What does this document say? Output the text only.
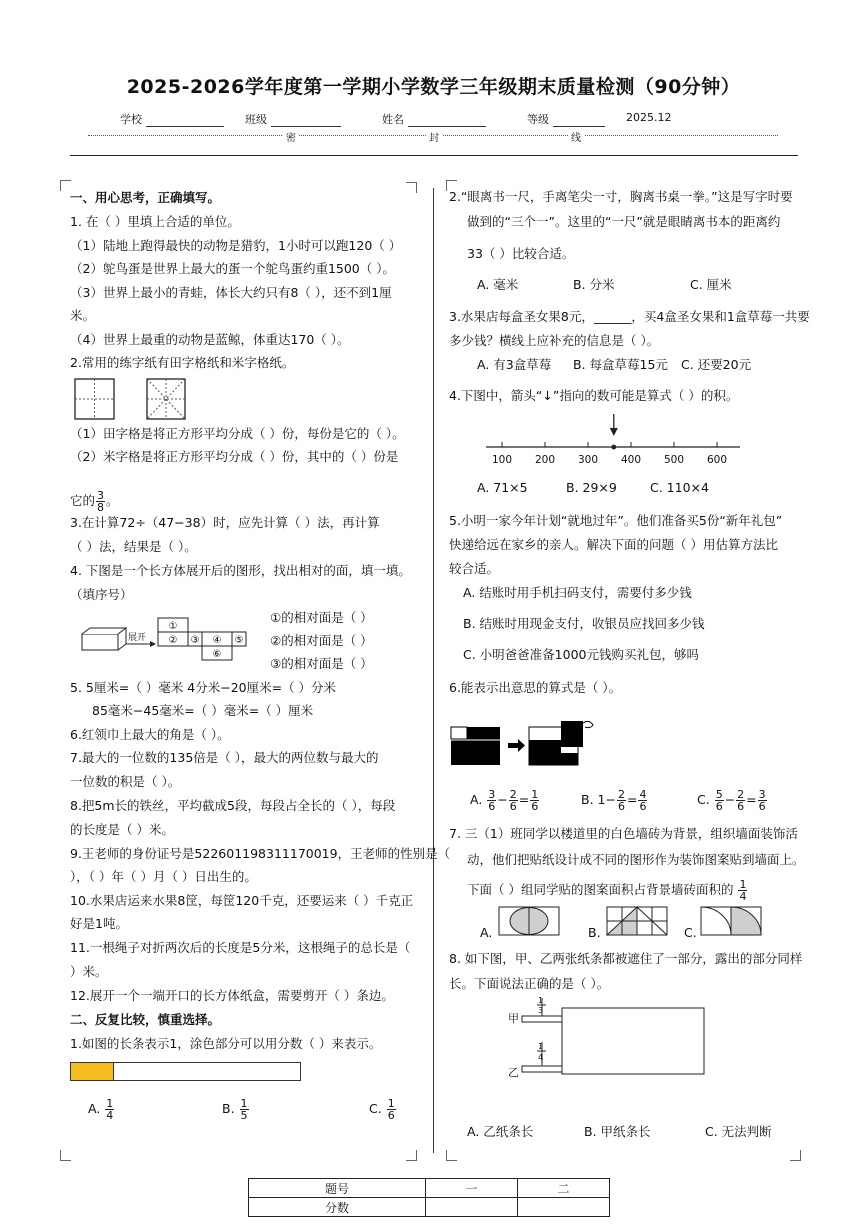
2025-2026学年度第一学期小学数学三年级期末质量检测（90分钟）
学校	班级	姓名	等级	2025.12
密	封	线
一、用心思考，正确填写。
1. 在（ ）里填上合适的单位。
（1）陆地上跑得最快的动物是猎豹，1小时可以跑120（ ）
（2）鸵鸟蛋是世界上最大的蛋一个鸵鸟蛋约重1500（ ）。
（3）世界上最小的青蛙，体长大约只有8（ ），还不到1厘
米。
（4）世界上最重的动物是蓝鲸，体重达170（ ）。
2.常用的练字纸有田字格纸和米字格纸。
（1）田字格是将正方形平均分成（ ）份，每份是它的（ ）。
（2）米字格是将正方形平均分成（ ）份，其中的（ ）份是
它的 $\frac{3}{8}$ 。
3.在计算72÷（47−38）时，应先计算（ ）法，再计算
（ ）法，结果是（ ）。
4. 下图是一个长方体展开后的图形，找出相对的面，填一填。
（填序号）
展开
①
② ③ ④ ⑤
⑥
①的相对面是（ ）
②的相对面是（ ）
③的相对面是（ ）
5. 5厘米=（ ）毫米 4分米−20厘米=（ ）分米
85毫米−45毫米=（ ）毫米=（ ）厘米
6.红领巾上最大的角是（ ）。
7.最大的一位数的135倍是（ ），最大的两位数与最大的
一位数的积是（ ）。
8.把5m长的铁丝，平均截成5段，每段占全长的（ ），每段
的长度是（ ）米。
9.王老师的身份证号是522601198311170019，王老师的性别是（
），（ ）年（ ）月（ ）日出生的。
10.水果店运来水果8筐，每筐120千克，还要运来（ ）千克正
好是1吨。
11.一根绳子对折两次后的长度是5分米，这根绳子的总长是（
）米。
12.展开一个一端开口的长方体纸盒，需要剪开（ ）条边。
二、反复比较，慎重选择。
1.如图的长条表示1，涂色部分可以用分数（ ）来表示。
A. $\frac{1}{4}$	B. $\frac{1}{5}$	C. $\frac{1}{6}$
2.“眼离书一尺，手离笔尖一寸，胸离书桌一拳。”这是写字时要
做到的“三个一”。这里的“一尺”就是眼睛离书本的距离约
33（ ）比较合适。
A. 毫米	B. 分米	C. 厘米
3.水果店每盒圣女果8元，______，买4盒圣女果和1盒草莓一共要
多少钱？横线上应补充的信息是（ ）。
A. 有3盒草莓 B. 每盒草莓15元 C. 还要20元
4.下图中，箭头“↓”指向的数可能是算式（ ）的积。
100 200 300 400 500 600
A. 71×5	B. 29×9	C. 110×4
5.小明一家今年计划“就地过年”。他们准备买5份“新年礼包”
快递给远在家乡的亲人。解决下面的问题（ ）用估算方法比
较合适。
A. 结账时用手机扫码支付，需要付多少钱
B. 结账时用现金支付，收银员应找回多少钱
C. 小明爸爸准备1000元钱购买礼包，够吗
6.能表示出意思的算式是（ ）。
A. $\frac{3}{6} - \frac{2}{6} = \frac{1}{6}$	B. $1- \frac{2}{6} = \frac{4}{6}$	C. $\frac{5}{6} - \frac{2}{6} = \frac{3}{6}$
7. 三（1）班同学以楼道里的白色墙砖为背景，组织墙面装饰活
动，他们把贴纸设计成不同的图形作为装饰图案贴到墙面上。
下面（ ）组同学贴的图案面积占背景墙砖面积的 $\frac{1}{4}$
A.	B.	C.
8. 如下图，甲、乙两张纸条都被遮住了一部分，露出的部分同样
长。下面说法正确的是（ ）。
甲
1
3
乙
1
4
A. 乙纸条长	B. 甲纸条长	C. 无法判断
题号	一	二
分数		
